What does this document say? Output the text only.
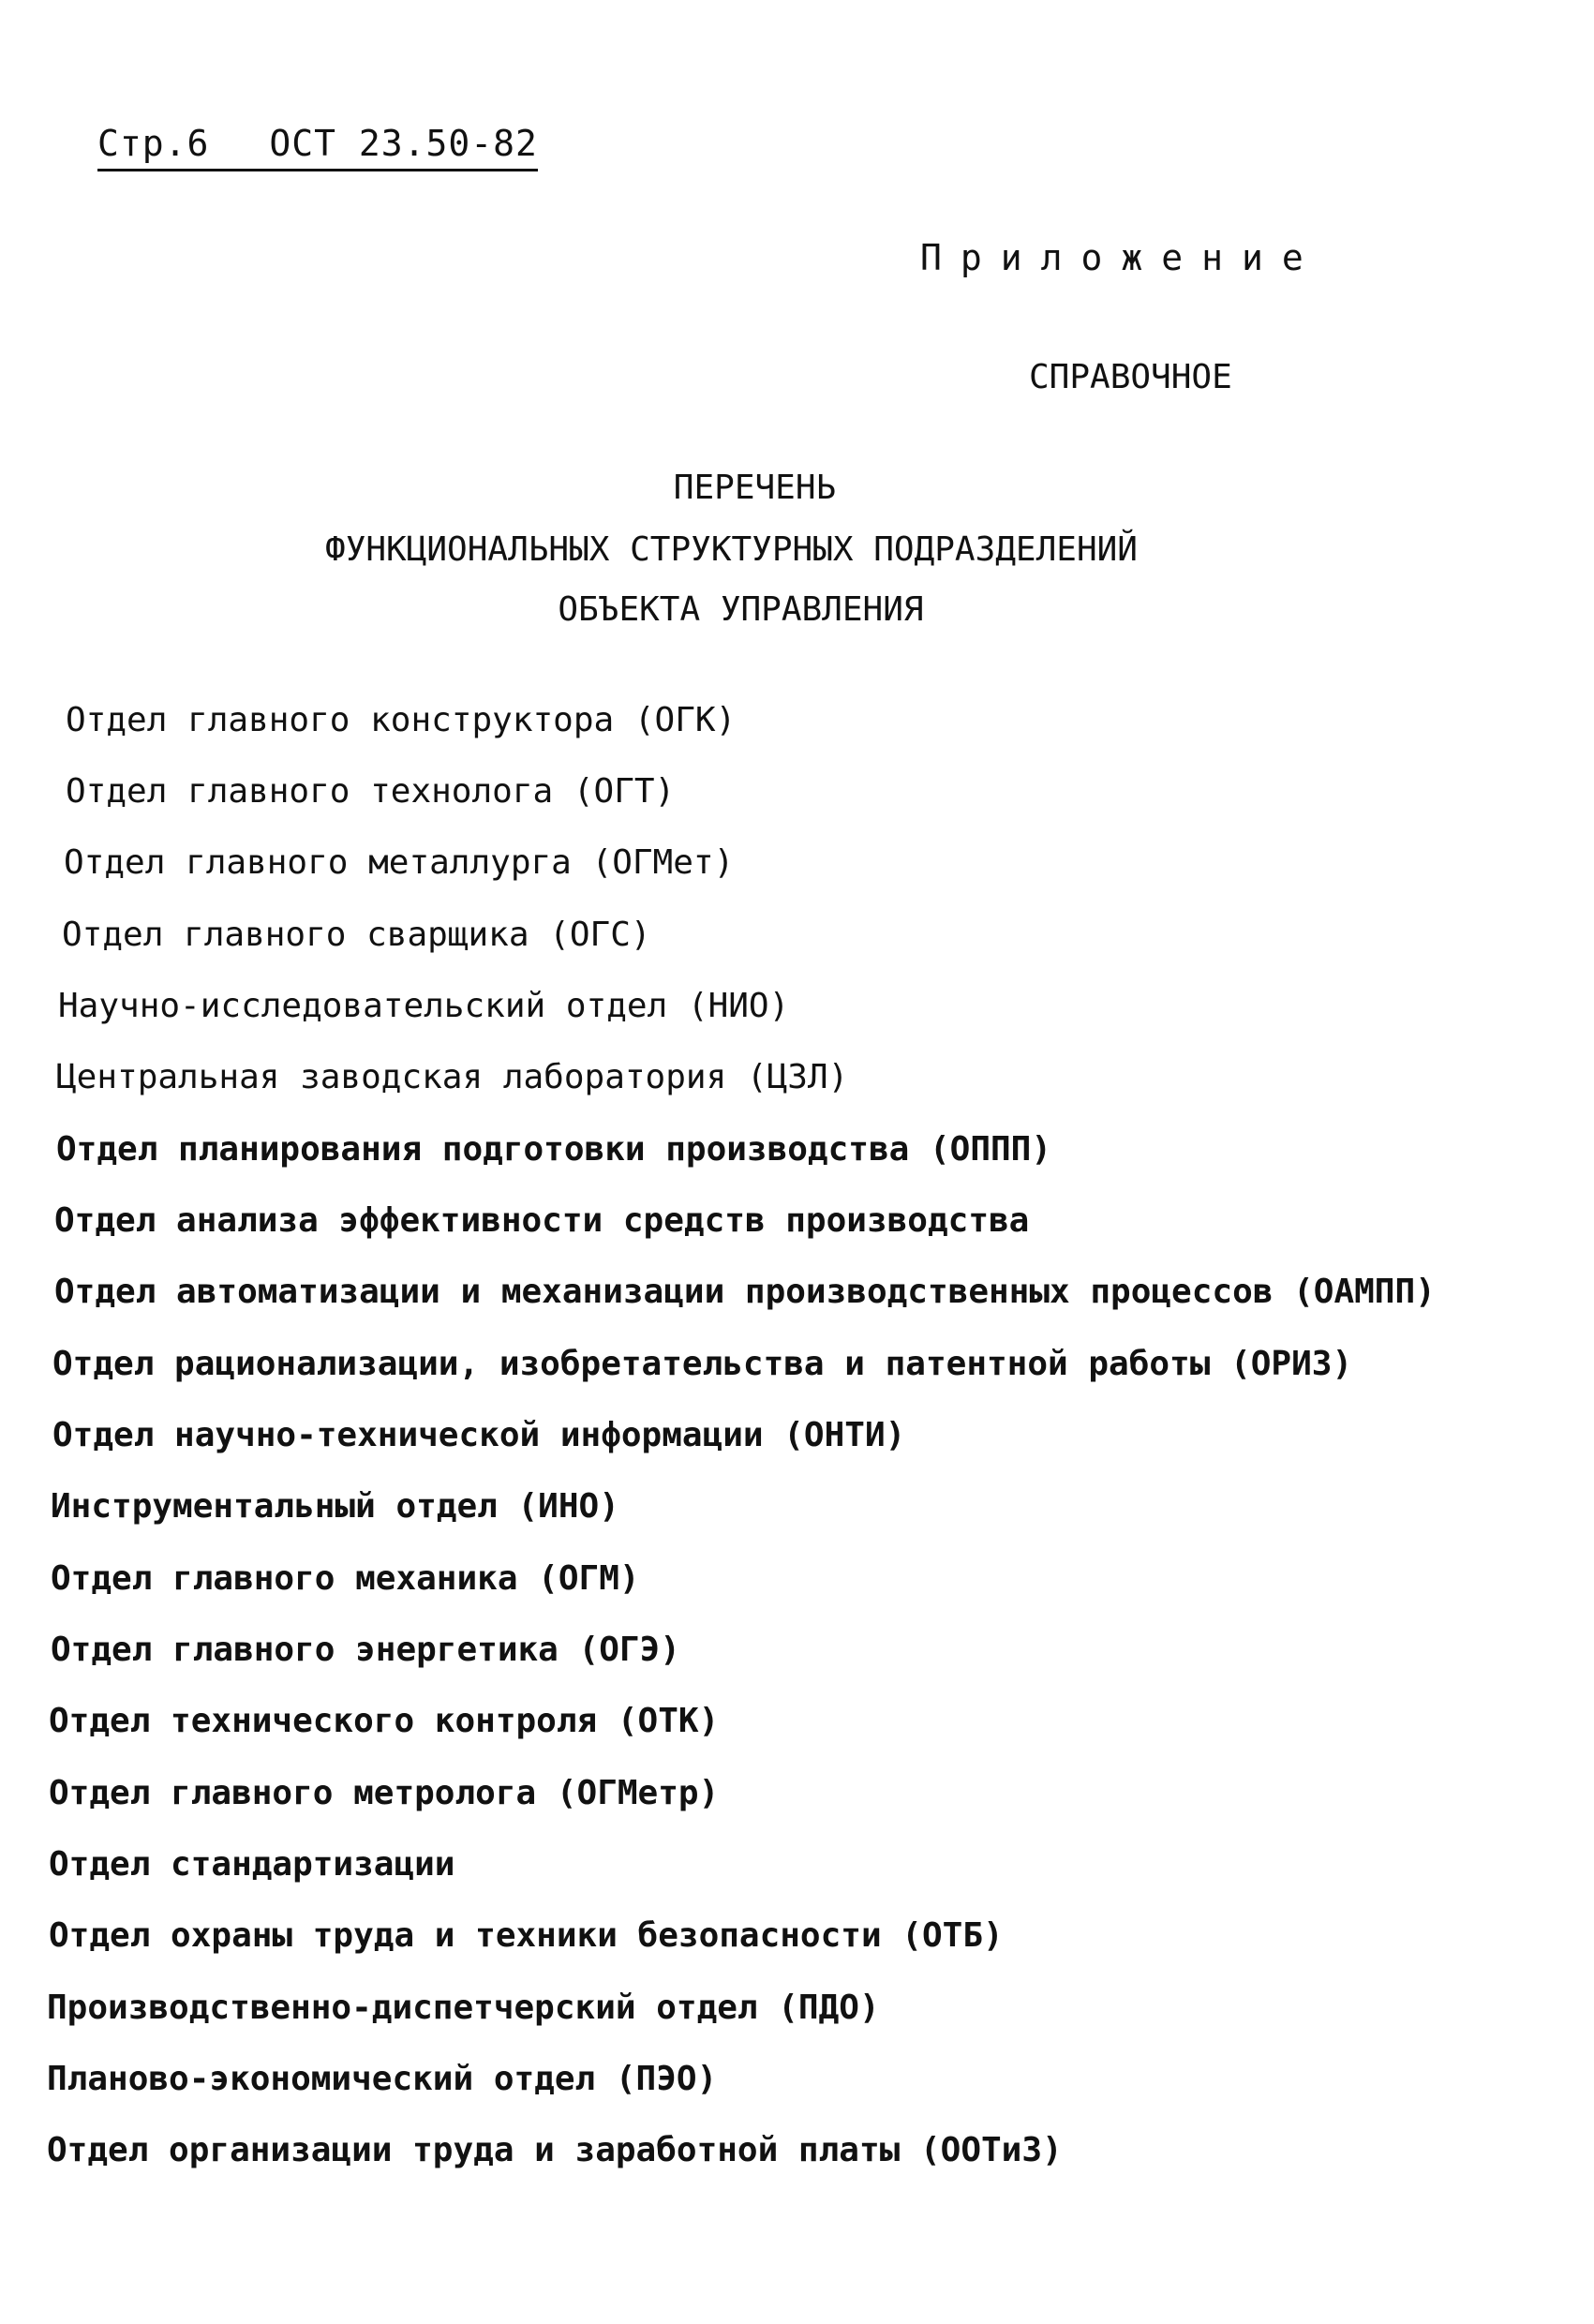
Стр.6 ОСТ 23.50-82
Приложение
СПРАВОЧНОЕ
ПЕРЕЧЕНЬ
ФУНКЦИОНАЛЬНЫХ СТРУКТУРНЫХ ПОДРАЗДЕЛЕНИЙ
ОБЪЕКТА УПРАВЛЕНИЯ
Отдел главного конструктора (ОГК)
Отдел главного технолога (ОГТ)
Отдел главного металлурга (ОГМет)
Отдел главного сварщика (ОГС)
Научно-исследовательский отдел (НИО)
Центральная заводская лаборатория (ЦЗЛ)
Отдел планирования подготовки производства (ОППП)
Отдел анализа эффективности средств производства
Отдел автоматизации и механизации производственных процессов (ОАМПП)
Отдел рационализации, изобретательства и патентной работы (ОРИЗ)
Отдел научно-технической информации (ОНТИ)
Инструментальный отдел (ИНО)
Отдел главного механика (ОГМ)
Отдел главного энергетика (ОГЭ)
Отдел технического контроля (ОТК)
Отдел главного метролога (ОГМетр)
Отдел стандартизации
Отдел охраны труда и техники безопасности (ОТБ)
Производственно-диспетчерский отдел (ПДО)
Планово-экономический отдел (ПЭО)
Отдел организации труда и заработной платы (ООТиЗ)
